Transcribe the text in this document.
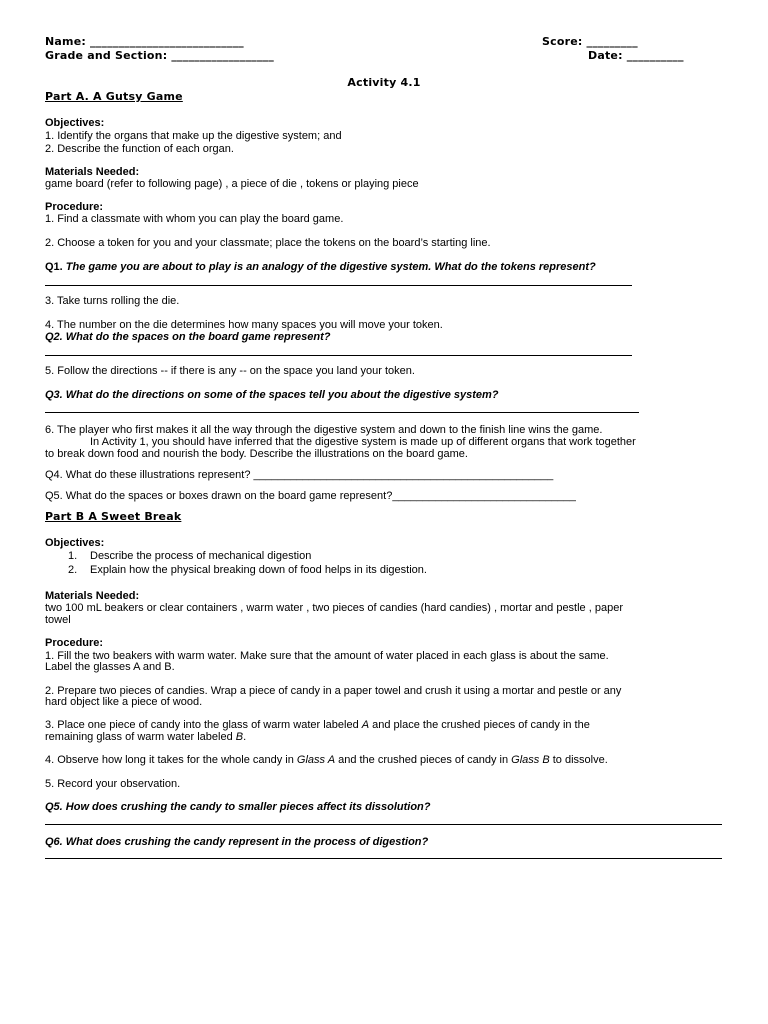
Name: ___________________________	Score: _________
Grade and Section: __________________	Date: __________
Activity 4.1
Part A. A Gutsy Game
Objectives:
1. Identify the organs that make up the digestive system; and
2. Describe the function of each organ.
Materials Needed:
game board (refer to following page) , a piece of die , tokens or playing piece
Procedure:
1. Find a classmate with whom you can play the board game.
2. Choose a token for you and your classmate; place the tokens on the board’s starting line.
Q1. The game you are about to play is an analogy of the digestive system. What do the tokens represent?
3. Take turns rolling the die.
4. The number on the die determines how many spaces you will move your token.
Q2. What do the spaces on the board game represent?
5. Follow the directions -- if there is any -- on the space you land your token.
Q3. What do the directions on some of the spaces tell you about the digestive system?
6. The player who first makes it all the way through the digestive system and down to the finish line wins the game.
In Activity 1, you should have inferred that the digestive system is made up of different organs that work together
to break down food and nourish the body. Describe the illustrations on the board game.
Q4. What do these illustrations represent? _________________________________________________
Q5. What do the spaces or boxes drawn on the board game represent?______________________________
Part B A Sweet Break
Objectives:
1. Describe the process of mechanical digestion
2. Explain how the physical breaking down of food helps in its digestion.
Materials Needed:
two 100 mL beakers or clear containers , warm water , two pieces of candies (hard candies) , mortar and pestle , paper
towel
Procedure:
1. Fill the two beakers with warm water. Make sure that the amount of water placed in each glass is about the same.
Label the glasses A and B.
2. Prepare two pieces of candies. Wrap a piece of candy in a paper towel and crush it using a mortar and pestle or any
hard object like a piece of wood.
3. Place one piece of candy into the glass of warm water labeled A and place the crushed pieces of candy in the
remaining glass of warm water labeled B.
4. Observe how long it takes for the whole candy in Glass A and the crushed pieces of candy in Glass B to dissolve.
5. Record your observation.
Q5. How does crushing the candy to smaller pieces affect its dissolution?
Q6. What does crushing the candy represent in the process of digestion?
